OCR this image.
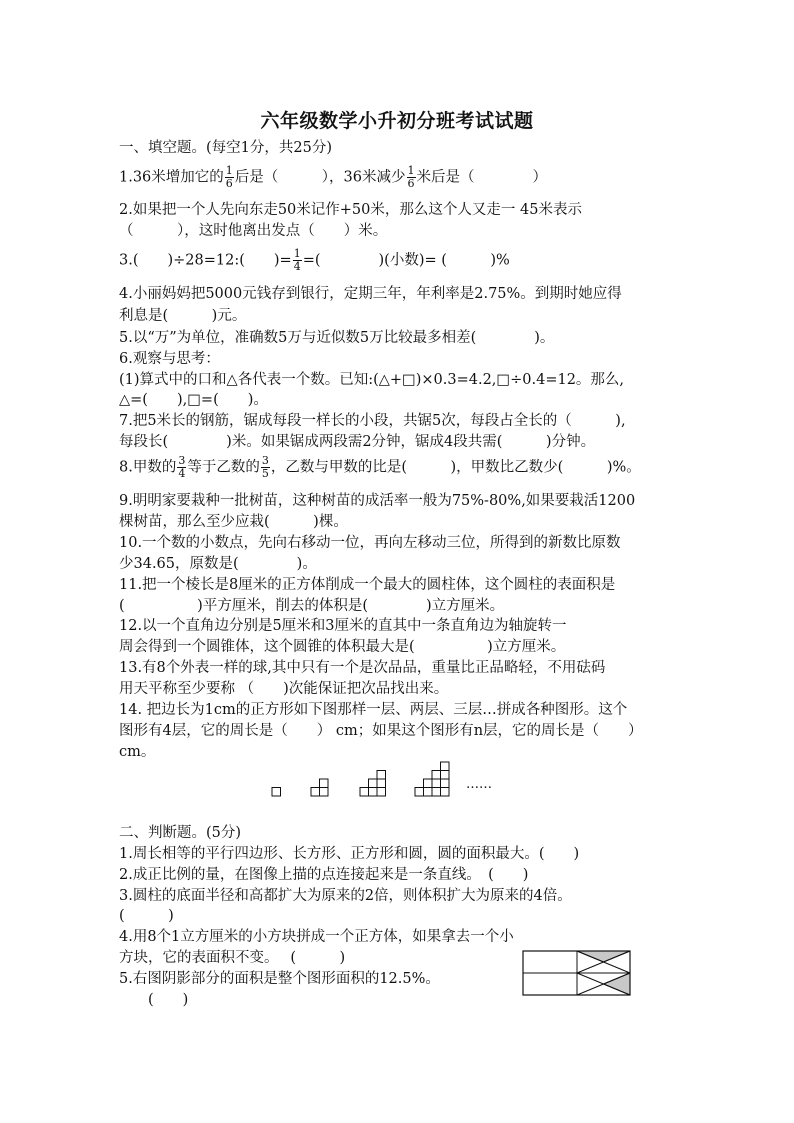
六年级数学小升初分班考试试题
一、填空题。(每空1分，共25分)
1.36米增加它的 $\frac{1}{6}$ 后是（　　　），36米减少 $\frac{1}{6}$ 米后是（　　　　）
2.如果把一个人先向东走50米记作+50米，那么这个人又走一 45米表示
（　　　），这时他离出发点（　　）米。
3.(　　)÷28=12:(　　)= $\frac{1}{4}$ =(　　　　)(小数)= (　　　)%
4.小丽妈妈把5000元钱存到银行，定期三年，年利率是2.75%。到期时她应得
利息是(　　　)元。
5.以“万”为单位，准确数5万与近似数5万比较最多相差(　　　　)。
6.观察与思考：
(1)算式中的口和△各代表一个数。已知:(△+□)×0.3=4.2,□÷0.4=12。那么,
△=(　　),□=(　　)。
7.把5米长的钢筋，锯成每段一样长的小段，共锯5次，每段占全长的（　　　),
每段长(　　　　)米。如果锯成两段需2分钟，锯成4段共需(　　　)分钟。
8.甲数的 $\frac{3}{4}$ 等于乙数的 $\frac{3}{5}$ ，乙数与甲数的比是(　　　)，甲数比乙数少(　　　)%。
9.明明家要栽种一批树苗，这种树苗的成活率一般为75%-80%,如果要栽活1200
棵树苗，那么至少应栽(　　　)棵。
10.一个数的小数点，先向右移动一位，再向左移动三位，所得到的新数比原数
少34.65，原数是(　　　　)。
11.把一个棱长是8厘米的正方体削成一个最大的圆柱体，这个圆柱的表面积是
(　　　　　)平方厘米，削去的体积是(　　　　)立方厘米。
12.以一个直角边分别是5厘米和3厘米的直其中一条直角边为轴旋转一
周会得到一个圆锥体，这个圆锥的体积最大是(　　　　　)立方厘米。
13.有8个外表一样的球,其中只有一个是次品品，重量比正品略轻，不用砝码
用天平称至少要称 （　　)次能保证把次品找出来。
14. 把边长为1cm的正方形如下图那样一层、两层、三层…拼成各种图形。这个
图形有4层，它的周长是（　　） cm；如果这个图形有n层，它的周长是（　　）
cm。
……
二、判断题。(5分)
1.周长相等的平行四边形、长方形、正方形和圆，圆的面积最大。(　　)
2.成正比例的量，在图像上描的点连接起来是一条直线。　(　　)
3.圆柱的底面半径和高都扩大为原来的2倍，则体积扩大为原来的4倍。
(　　　)
4.用8个1立方厘米的小方块拼成一个正方体，如果拿去一个小
方块，它的表面积不变。　 (　　　)
5.右图阴影部分的面积是整个图形面积的12.5%。
(　　)
